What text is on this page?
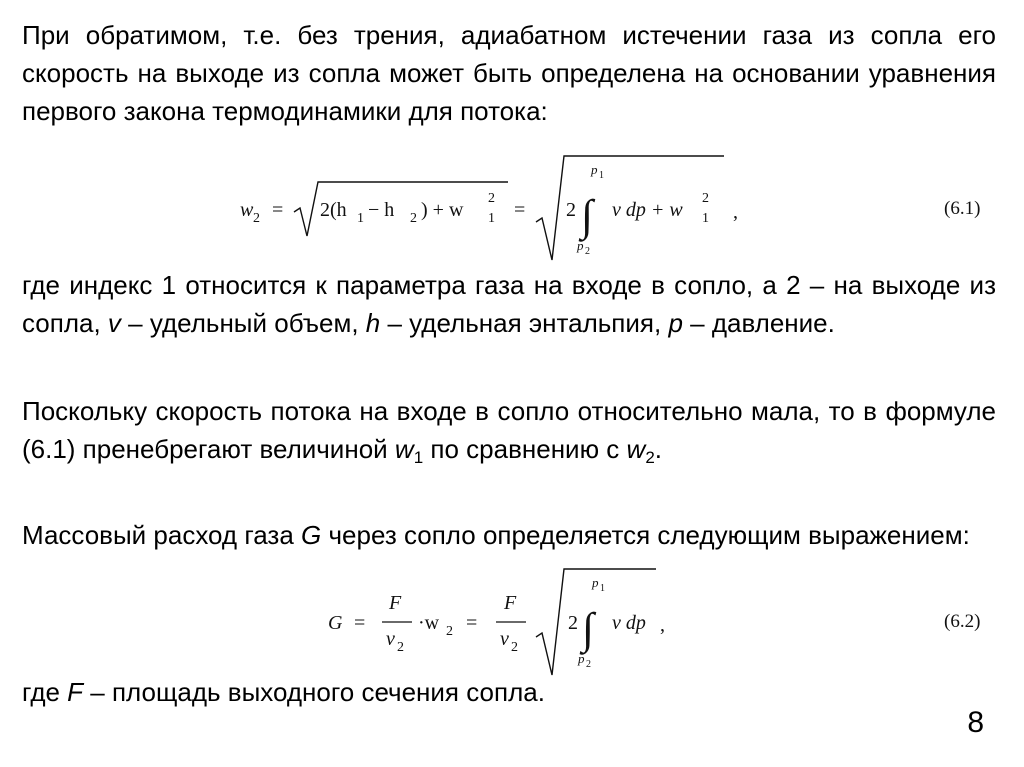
При обратимом, т.е. без трения, адиабатном истечении газа из сопла его скорость на выходе из сопла может быть определена на основании уравнения первого закона термодинамики для потока:

w 2 = 2(h 1 − h 2 ) + w
2
1 = 2 ∫
p 1
p 2
v dp + w
2
1 ,	(6.1)

где индекс 1 относится к параметра газа на входе в сопло, а 2 – на выходе из сопла, v – удельный объем, h – удельная энтальпия, p – давление.

Поскольку скорость потока на входе в сопло относительно мала, то в формуле (6.1) пренебрегают величиной $w_1$ по сравнению с $w_2$.

Массовый расход газа G через сопло определяется следующим выражением:

G =
F
v 2
·w 2 =
F
v 2
2 ∫
p 1
p 2
v dp ,	(6.2)

где F – площадь выходного сечения сопла.

8
